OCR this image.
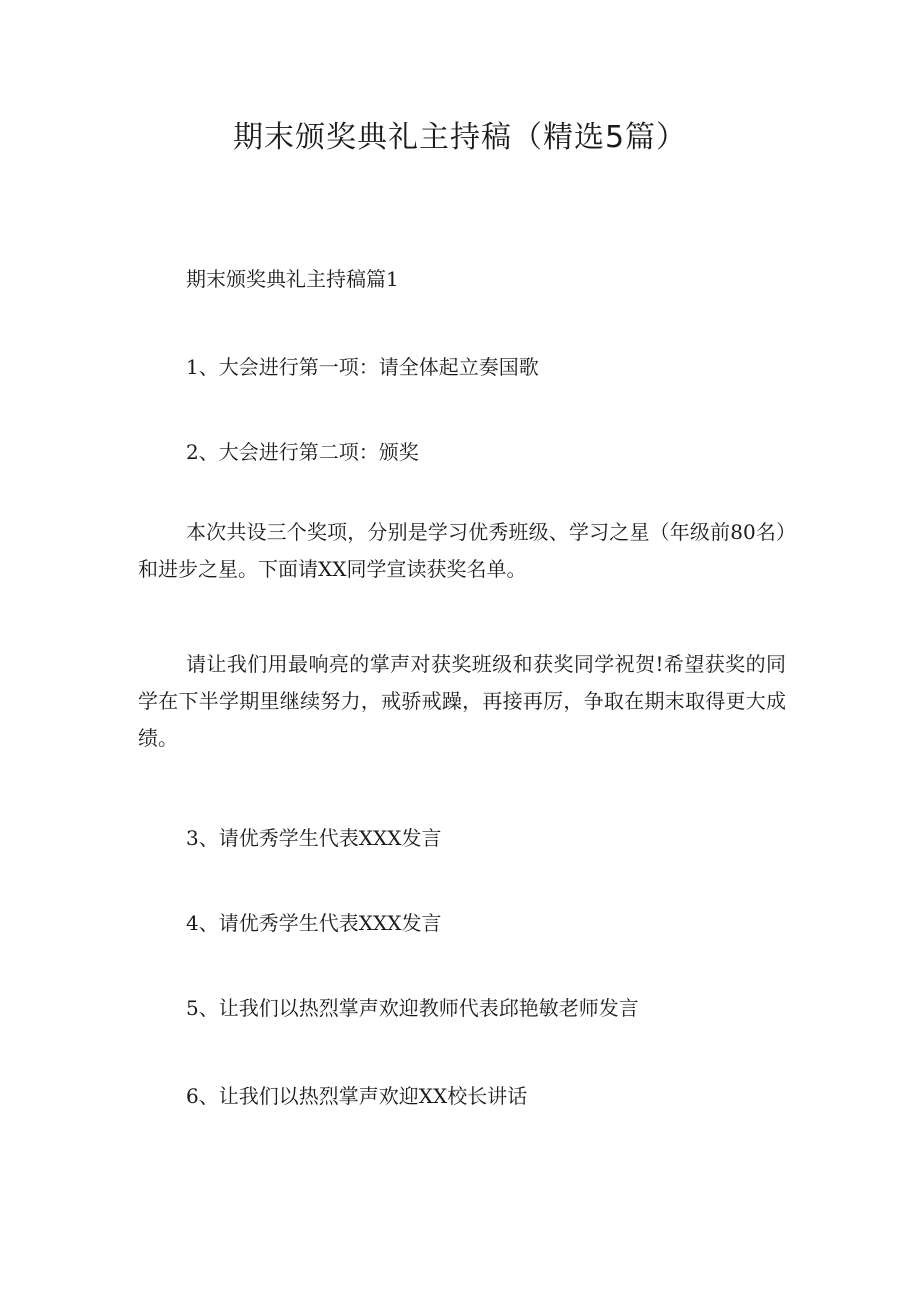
期末颁奖典礼主持稿（精选5篇）

期末颁奖典礼主持稿篇1

1、大会进行第一项：请全体起立奏国歌

2、大会进行第二项：颁奖

本次共设三个奖项，分别是学习优秀班级、学习之星（年级前80名）和进步之星。下面请XX同学宣读获奖名单。

请让我们用最响亮的掌声对获奖班级和获奖同学祝贺!希望获奖的同学在下半学期里继续努力，戒骄戒躁，再接再厉，争取在期末取得更大成绩。

3、请优秀学生代表XXX发言

4、请优秀学生代表XXX发言

5、让我们以热烈掌声欢迎教师代表邱艳敏老师发言

6、让我们以热烈掌声欢迎XX校长讲话
